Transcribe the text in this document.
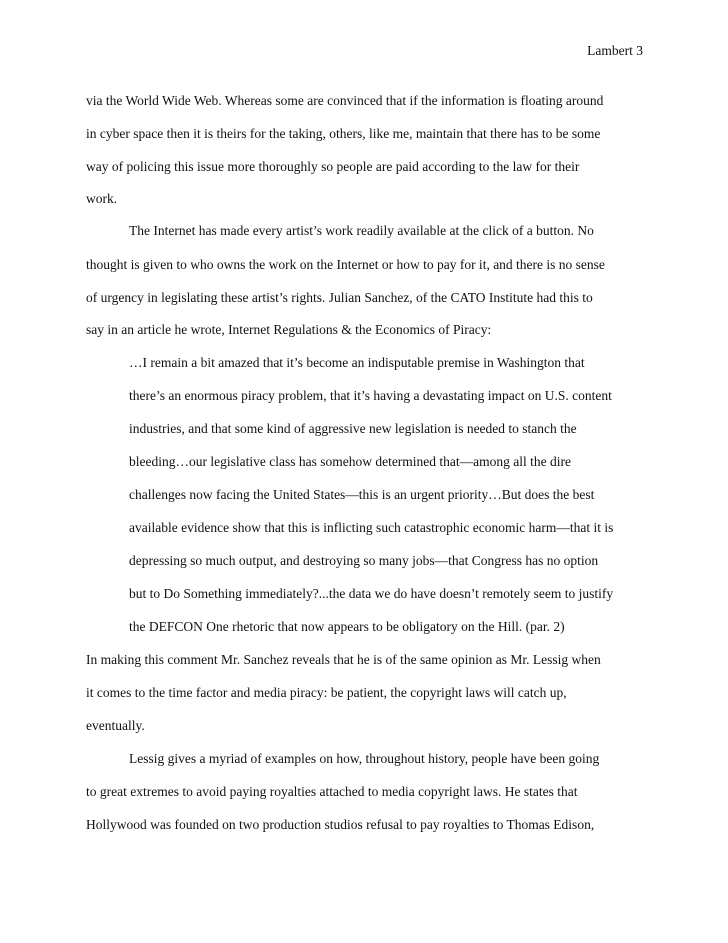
Lambert 3
via the World Wide Web. Whereas some are convinced that if the information is floating around
in cyber space then it is theirs for the taking, others, like me, maintain that there has to be some
way of policing this issue more thoroughly so people are paid according to the law for their
work.
The Internet has made every artist’s work readily available at the click of a button. No
thought is given to who owns the work on the Internet or how to pay for it, and there is no sense
of urgency in legislating these artist’s rights. Julian Sanchez, of the CATO Institute had this to
say in an article he wrote, Internet Regulations & the Economics of Piracy:
…I remain a bit amazed that it’s become an indisputable premise in Washington that
there’s an enormous piracy problem, that it’s having a devastating impact on U.S. content
industries, and that some kind of aggressive new legislation is needed to stanch the
bleeding…our legislative class has somehow determined that—among all the dire
challenges now facing the United States—this is an urgent priority…But does the best
available evidence show that this is inflicting such catastrophic economic harm—that it is
depressing so much output, and destroying so many jobs—that Congress has no option
but to Do Something immediately?...the data we do have doesn’t remotely seem to justify
the DEFCON One rhetoric that now appears to be obligatory on the Hill. (par. 2)
In making this comment Mr. Sanchez reveals that he is of the same opinion as Mr. Lessig when
it comes to the time factor and media piracy: be patient, the copyright laws will catch up,
eventually.
Lessig gives a myriad of examples on how, throughout history, people have been going
to great extremes to avoid paying royalties attached to media copyright laws. He states that
Hollywood was founded on two production studios refusal to pay royalties to Thomas Edison,
